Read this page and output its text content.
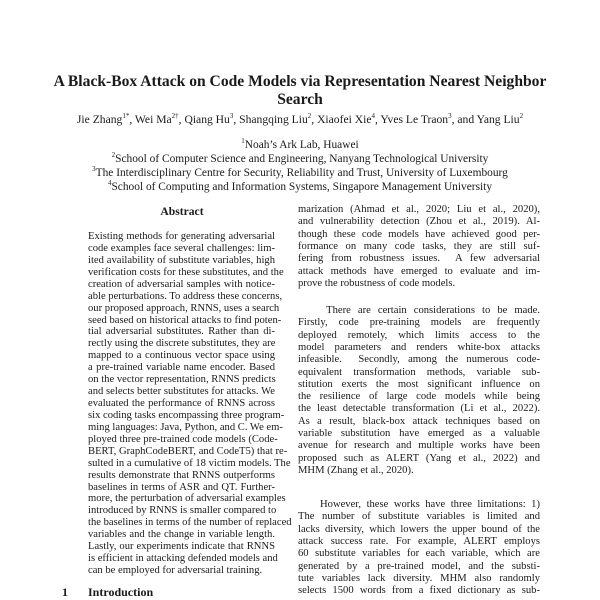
A Black-Box Attack on Code Models via Representation Nearest Neighbor
Search
Jie Zhang$^{1*}$, Wei $Ma^{2\dagger}$, Qiang Hu$^3$, Shangqing Liu$^2$, Xiaofei Xie$^4$, Yves Le Traon$^3$, and Yang Liu$^2$
$^1$Noah’s Ark Lab, Huawei
$^2$School of Computer Science and Engineering, Nanyang Technological University
$^3$The Interdisciplinary Centre for Security, Reliability and Trust, University of Luxembourg
$^4$School of Computing and Information Systems, Singapore Management University
Abstract
Existing methods for generating adversarial
code examples face several challenges: lim-
ited availability of substitute variables, high
verification costs for these substitutes, and the
creation of adversarial samples with notice-
able perturbations. To address these concerns,
our proposed approach, RNNS, uses a search
seed based on historical attacks to find poten-
tial adversarial substitutes. Rather than di-
rectly using the discrete substitutes, they are
mapped to a continuous vector space using
a pre-trained variable name encoder. Based
on the vector representation, RNNS predicts
and selects better substitutes for attacks. We
evaluated the performance of RNNS across
six coding tasks encompassing three program-
ming languages: Java, Python, and C. We em-
ployed three pre-trained code models (Code-
BERT, GraphCodeBERT, and CodeT5) that re-
sulted in a cumulative of 18 victim models. The
results demonstrate that RNNS outperforms
baselines in terms of ASR and QT. Further-
more, the perturbation of adversarial examples
introduced by RNNS is smaller compared to
the baselines in terms of the number of replaced
variables and the change in variable length.
Lastly, our experiments indicate that RNNS
is efficient in attacking defended models and
can be employed for adversarial training.
1 Introduction
marization (Ahmad et al., 2020; Liu et al., 2020),
and vulnerability detection (Zhou et al., 2019). Al-
though these code models have achieved good per-
formance on many code tasks, they are still suf-
fering from robustness issues.  A few adversarial
attack methods have emerged to evaluate and im-
prove the robustness of code models.
There are certain considerations to be made.
Firstly, code pre-training models are frequently
deployed remotely, which limits access to the
model parameters and renders white-box attacks
infeasible.  Secondly, among the numerous code-
equivalent transformation methods, variable sub-
stitution exerts the most significant influence on
the resilience of large code models while being
the least detectable transformation (Li et al., 2022).
As a result, black-box attack techniques based on
variable substitution have emerged as a valuable
avenue for research and multiple works have been
proposed such as ALERT (Yang et al., 2022) and
MHM (Zhang et al., 2020).
However, these works have three limitations: 1)
The number of substitute variables is limited and
lacks diversity, which lowers the upper bound of the
attack success rate. For example, ALERT employs
60 substitute variables for each variable, which are
generated by a pre-trained model, and the substi-
tute variables lack diversity. MHM also randomly
selects 1500 words from a fixed dictionary as sub-
